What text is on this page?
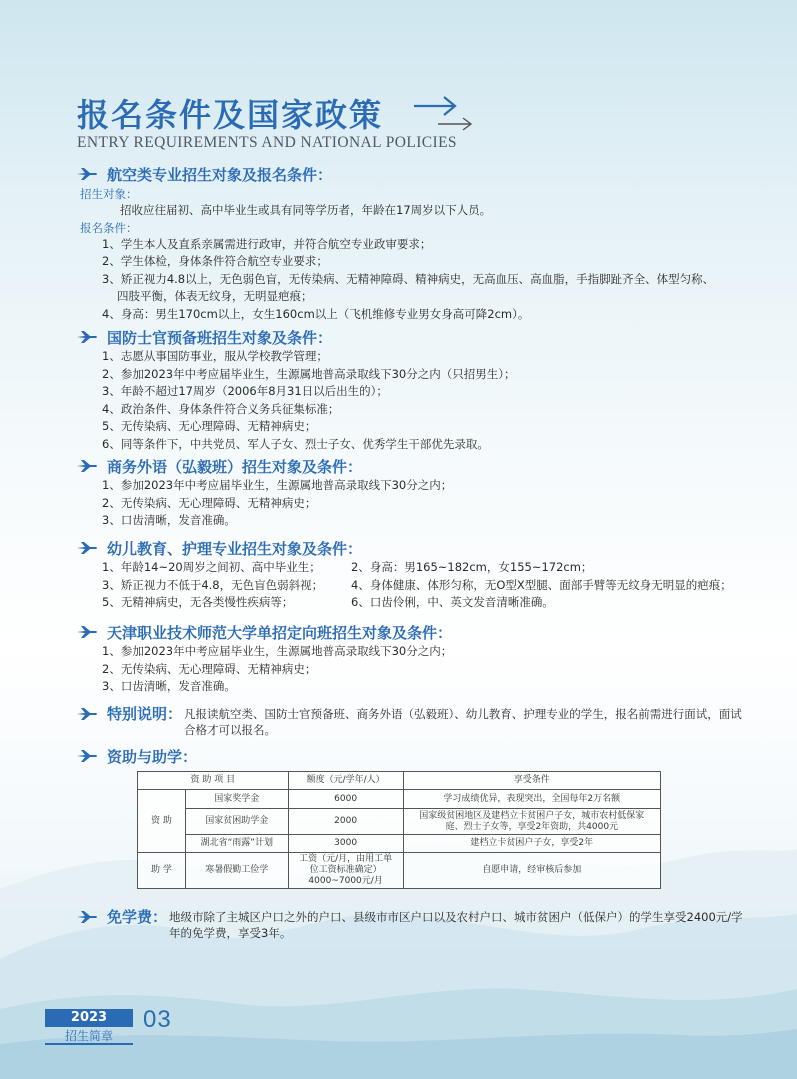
报名条件及国家政策
ENTRY REQUIREMENTS AND NATIONAL POLICIES
航空类专业招生对象及报名条件：
招生对象：
招收应往届初、高中毕业生或具有同等学历者，年龄在17周岁以下人员。
报名条件：
1、学生本人及直系亲属需进行政审，并符合航空专业政审要求；
2、学生体检，身体条件符合航空专业要求；
3、矫正视力4.8以上，无色弱色盲，无传染病、无精神障碍、精神病史，无高血压、高血脂，手指脚趾齐全、体型匀称、
四肢平衡，体表无纹身，无明显疤痕；
4、身高：男生170cm以上，女生160cm以上（飞机维修专业男女身高可降2cm）。
国防士官预备班招生对象及条件：
1、志愿从事国防事业，服从学校教学管理；
2、参加2023年中考应届毕业生，生源属地普高录取线下30分之内（只招男生）；
3、年龄不超过17周岁（2006年8月31日以后出生的）；
4、政治条件、身体条件符合义务兵征集标准；
5、无传染病、无心理障碍、无精神病史；
6、同等条件下，中共党员、军人子女、烈士子女、优秀学生干部优先录取。
商务外语（弘毅班）招生对象及条件：
1、参加2023年中考应届毕业生，生源属地普高录取线下30分之内；
2、无传染病、无心理障碍、无精神病史；
3、口齿清晰，发音准确。
幼儿教育、护理专业招生对象及条件：
1、年龄14~20周岁之间初、高中毕业生；	2、身高：男165~182cm，女155~172cm；
3、矫正视力不低于4.8，无色盲色弱斜视；	4、身体健康、体形匀称，无O型X型腿、面部手臂等无纹身无明显的疤痕；
5、无精神病史，无各类慢性疾病等；	6、口齿伶俐，中、英文发音清晰准确。
天津职业技术师范大学单招定向班招生对象及条件：
1、参加2023年中考应届毕业生，生源属地普高录取线下30分之内；
2、无传染病、无心理障碍、无精神病史；
3、口齿清晰，发音准确。
特别说明： 凡报读航空类、国防士官预备班、商务外语（弘毅班）、幼儿教育、护理专业的学生，报名前需进行面试，面试合格才可以报名。
资助与助学：
资 助 项 目		额度（元/学年/人）	享受条件
资 助	国家奖学金	6000	学习成绩优异，表现突出，全国每年2万名额
	国家贫困助学金	2000	国家级贫困地区及建档立卡贫困户子女，城市农村低保家庭、烈士子女等，享受2年资助，共4000元
	湖北省“雨露”计划	3000	建档立卡贫困户子女，享受2年
助 学	寒暑假勤工俭学	工资（元/月，由用工单位工资标准确定）4000~7000元/月	自愿申请，经审核后参加
免学费： 地级市除了主城区户口之外的户口、县级市市区户口以及农村户口、城市贫困户（低保户）的学生享受2400元/学年的免学费，享受3年。
2023
招生简章
03
